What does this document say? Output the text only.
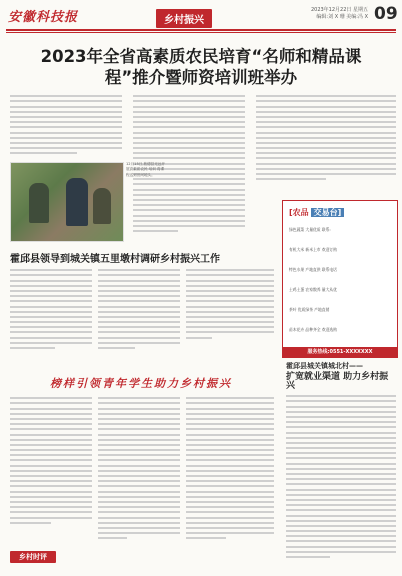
安徽科技报	乡村振兴
2023年12月22日 星期五
编辑:刘 X 珊 美编:冯 X 09
2023年全省高素质农民培育“名师和精品课程”推介暨师资培训班举办
12月15日,旌德县光远开展高素质农民 培训 将课程送到田间地头。
霍邱县领导到城关镇五里墩村调研乡村振兴工作
[农品 交易台]
绿色蔬菜 大量优质 联系:
有机大米 新米上市 欢迎订购
特色水果 产地直供 联系电话
土鸡土蛋 农家散养 量大从优
茶叶 优质绿茶 产地直销
苗木花卉 品种齐全 欢迎选购
服务热线:0551-XXXXXXX
霍邱县城关镇城北村——
扩宽就业渠道 助力乡村振兴
榜样引领青年学生助力乡村振兴
乡村时评
